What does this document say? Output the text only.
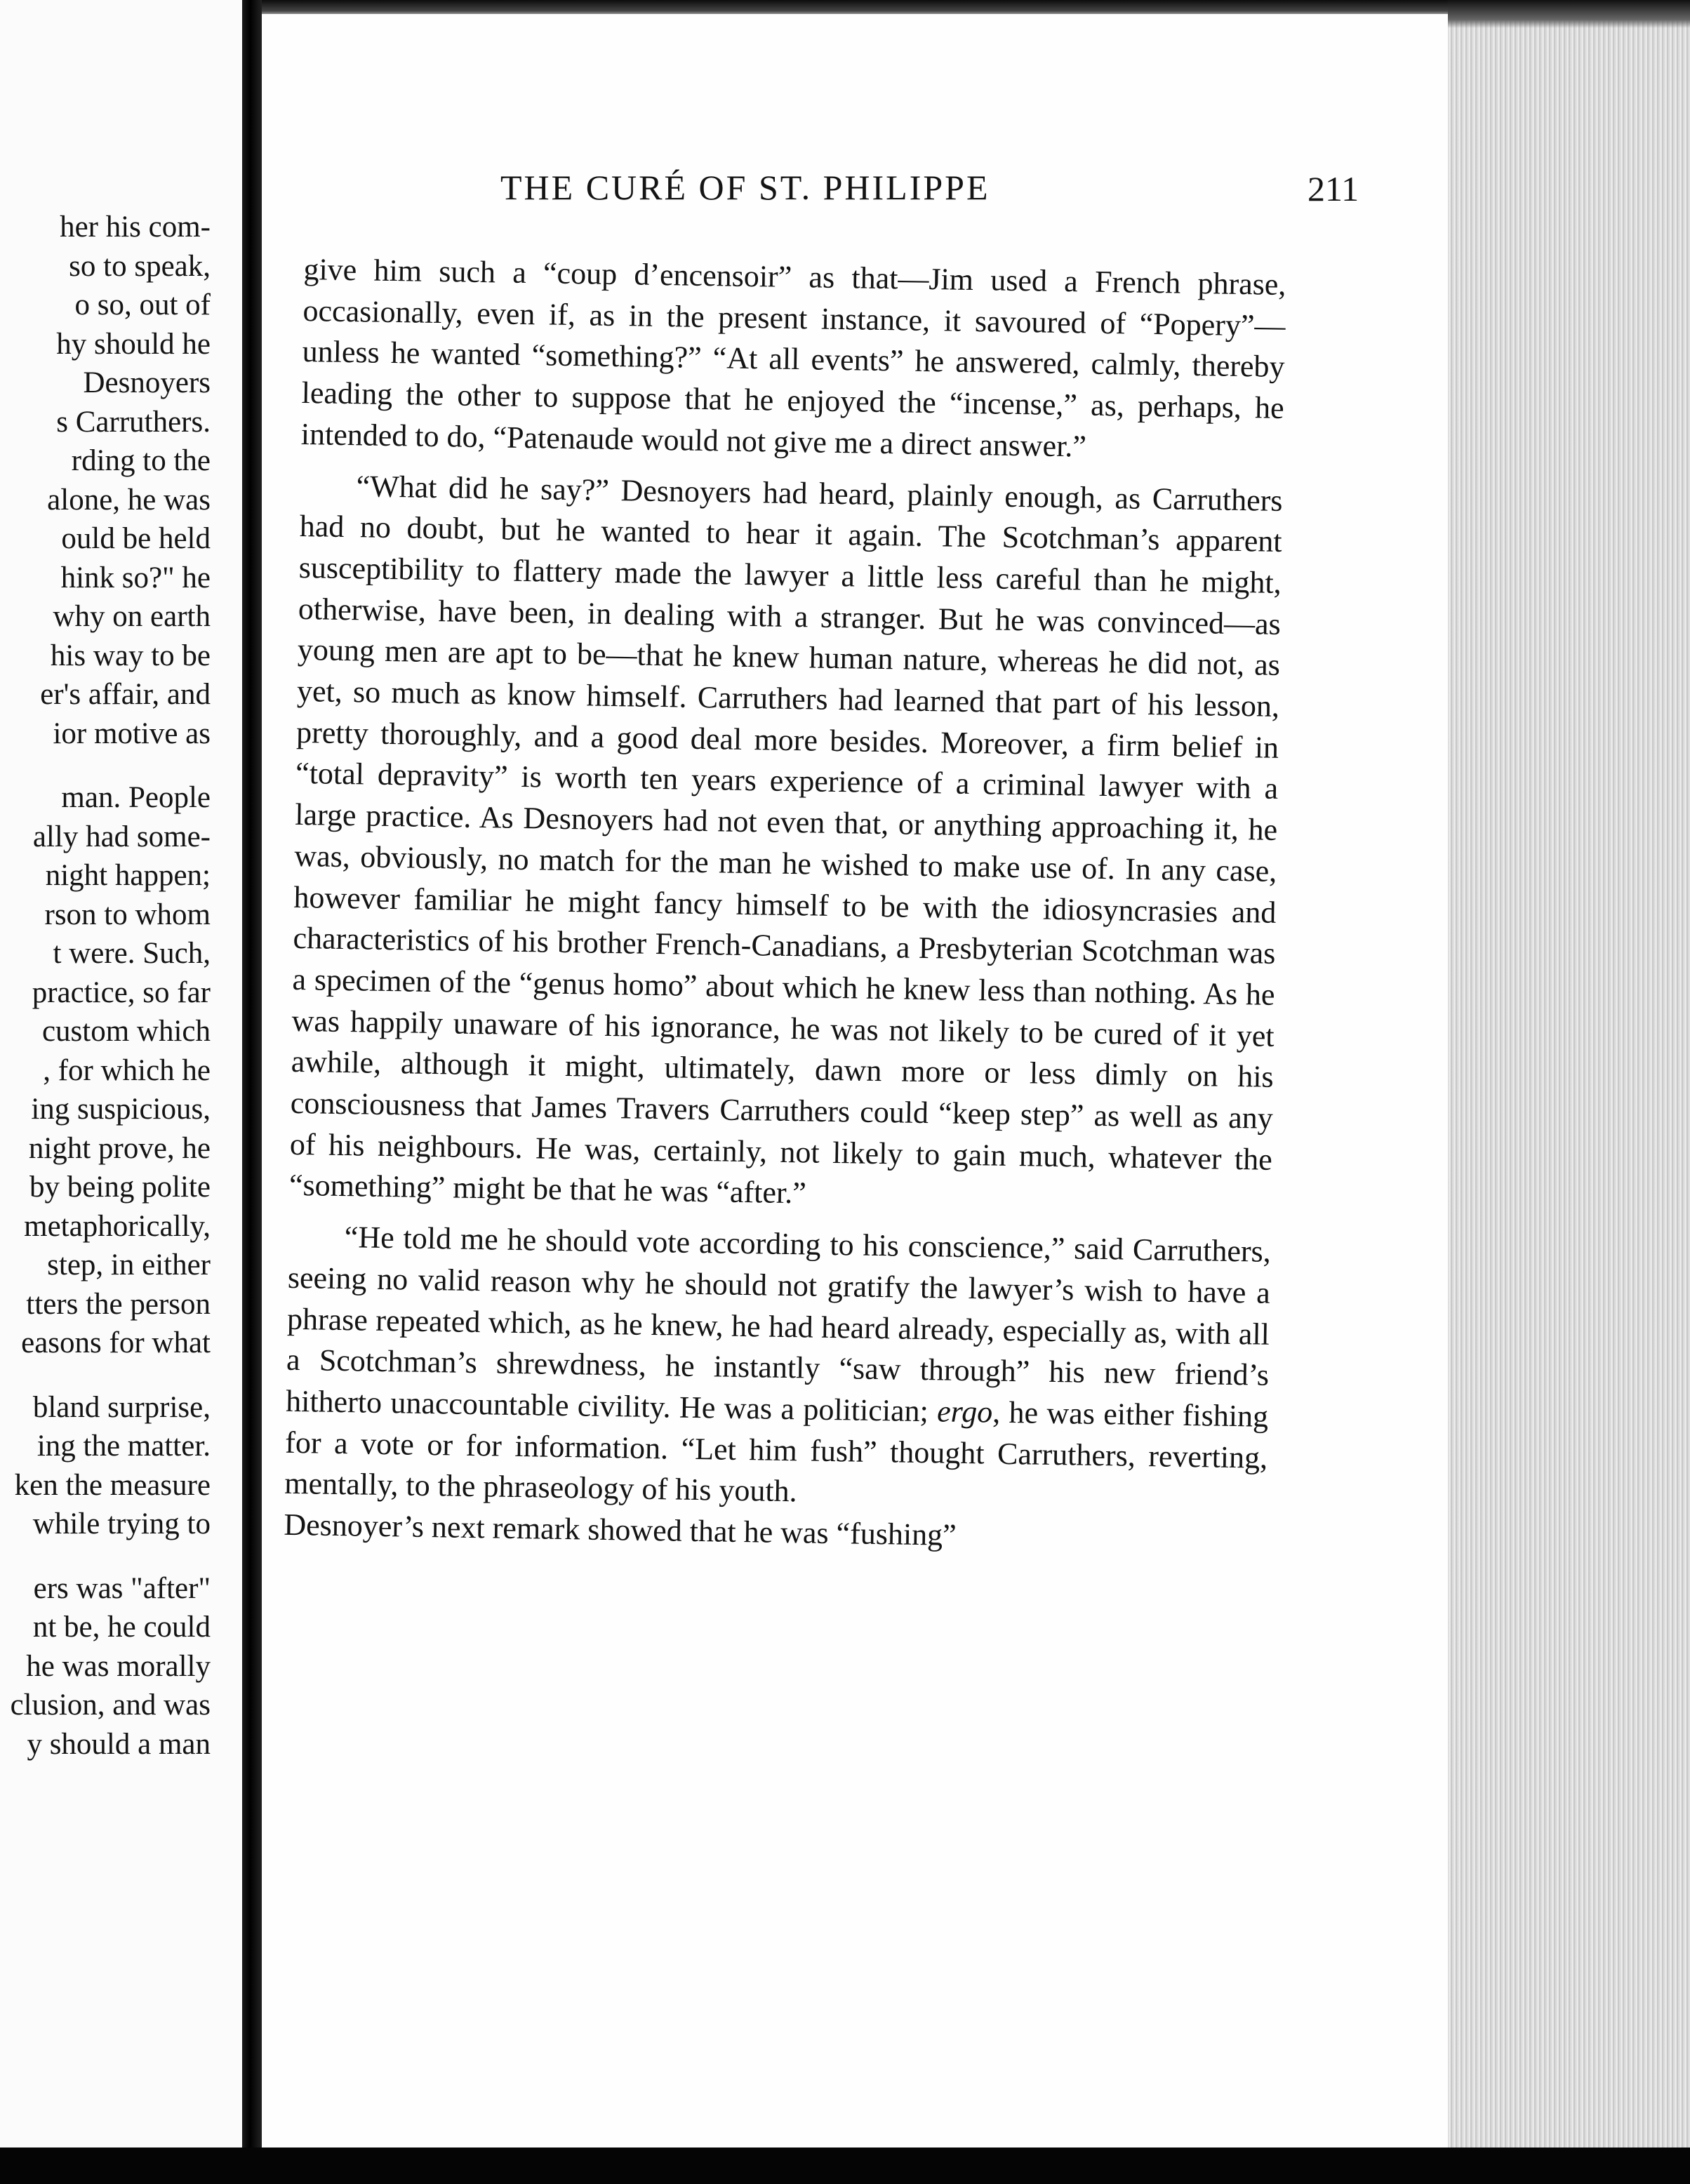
her his com-
so to speak,
o so, out of
hy should he
Desnoyers
s Carruthers.
rding to the
alone, he was
ould be held
hink so?" he
why on earth
his way to be
er's affair, and
ior motive as
man. People
ally had some-
night happen;
rson to whom
t were. Such,
practice, so far
custom which
, for which he
ing suspicious,
night prove, he
by being polite
metaphorically,
step, in either
tters the person
easons for what
bland surprise,
ing the matter.
ken the measure
while trying to
ers was "after"
nt be, he could
he was morally
clusion, and was
y should a man
THE CURÉ OF ST. PHILIPPE	211

give him such a “coup d’encensoir” as that—Jim used a French phrase, occasionally, even if, as in the present instance, it savoured of “Popery”—unless he wanted “something?” “At all events” he answered, calmly, thereby leading the other to suppose that he enjoyed the “incense,” as, perhaps, he intended to do, “Patenaude would not give me a direct answer.”

“What did he say?” Desnoyers had heard, plainly enough, as Carruthers had no doubt, but he wanted to hear it again. The Scotchman’s apparent susceptibility to flattery made the lawyer a little less careful than he might, otherwise, have been, in dealing with a stranger. But he was convinced—as young men are apt to be—that he knew human nature, whereas he did not, as yet, so much as know himself. Carruthers had learned that part of his lesson, pretty thoroughly, and a good deal more besides. Moreover, a firm belief in “total depravity” is worth ten years experience of a criminal lawyer with a large practice. As Desnoyers had not even that, or anything approaching it, he was, obviously, no match for the man he wished to make use of. In any case, however familiar he might fancy himself to be with the idiosyncrasies and characteristics of his brother French-Canadians, a Presbyterian Scotchman was a specimen of the “genus homo” about which he knew less than nothing. As he was happily unaware of his ignorance, he was not likely to be cured of it yet awhile, although it might, ultimately, dawn more or less dimly on his consciousness that James Travers Carruthers could “keep step” as well as any of his neighbours. He was, certainly, not likely to gain much, whatever the “something” might be that he was “after.”

“He told me he should vote according to his conscience,” said Carruthers, seeing no valid reason why he should not gratify the lawyer’s wish to have a phrase repeated which, as he knew, he had heard already, especially as, with all a Scotchman’s shrewdness, he instantly “saw through” his new friend’s hitherto unaccountable civility. He was a politician; ergo, he was either fishing for a vote or for information. “Let him fush” thought Carruthers, reverting, mentally, to the phraseology of his youth.

Desnoyer’s next remark showed that he was “fushing”
